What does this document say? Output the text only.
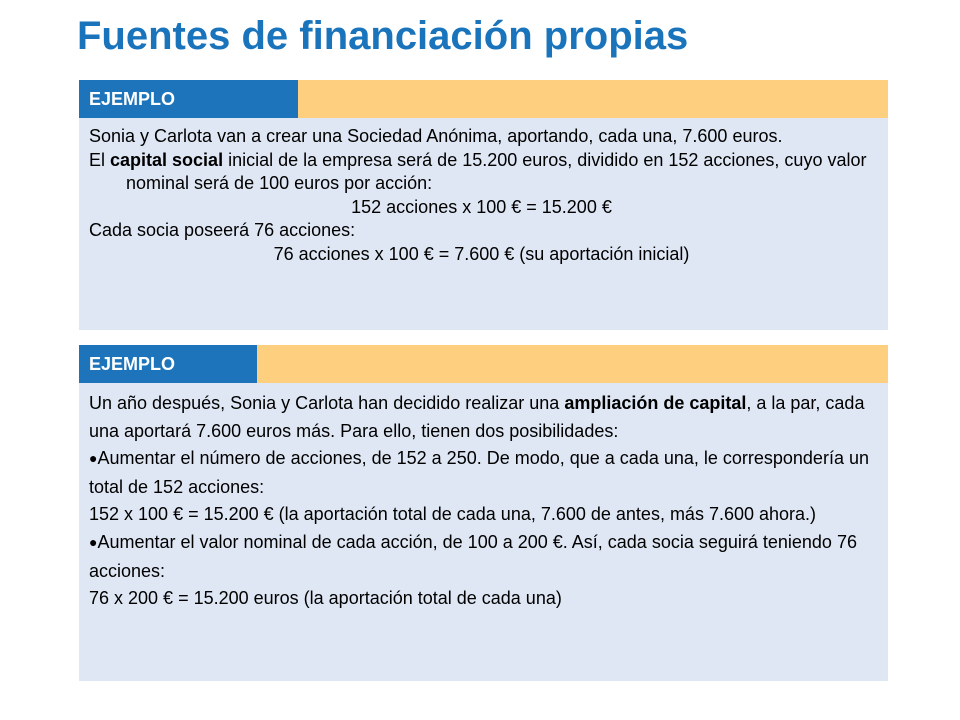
Fuentes de financiación propias
EJEMPLO

Sonia y Carlota van a crear una Sociedad Anónima, aportando, cada una, 7.600 euros.

El capital social inicial de la empresa será de 15.200 euros, dividido en 152 acciones, cuyo valor nominal será de 100 euros por acción:

152 acciones x 100 € = 15.200 €

Cada socia poseerá 76 acciones:

76 acciones x 100 € = 7.600 € (su aportación inicial)

EJEMPLO

Un año después, Sonia y Carlota han decidido realizar una ampliación de capital, a la par, cada una aportará 7.600 euros más. Para ello, tienen dos posibilidades:

●Aumentar el número de acciones, de 152 a 250. De modo, que a cada una, le correspondería un total de 152 acciones:

152 x 100 € = 15.200 € (la aportación total de cada una, 7.600 de antes, más 7.600 ahora.)

●Aumentar el valor nominal de cada acción, de 100 a 200 €. Así, cada socia seguirá teniendo 76 acciones:

76 x 200 € = 15.200 euros (la aportación total de cada una)
